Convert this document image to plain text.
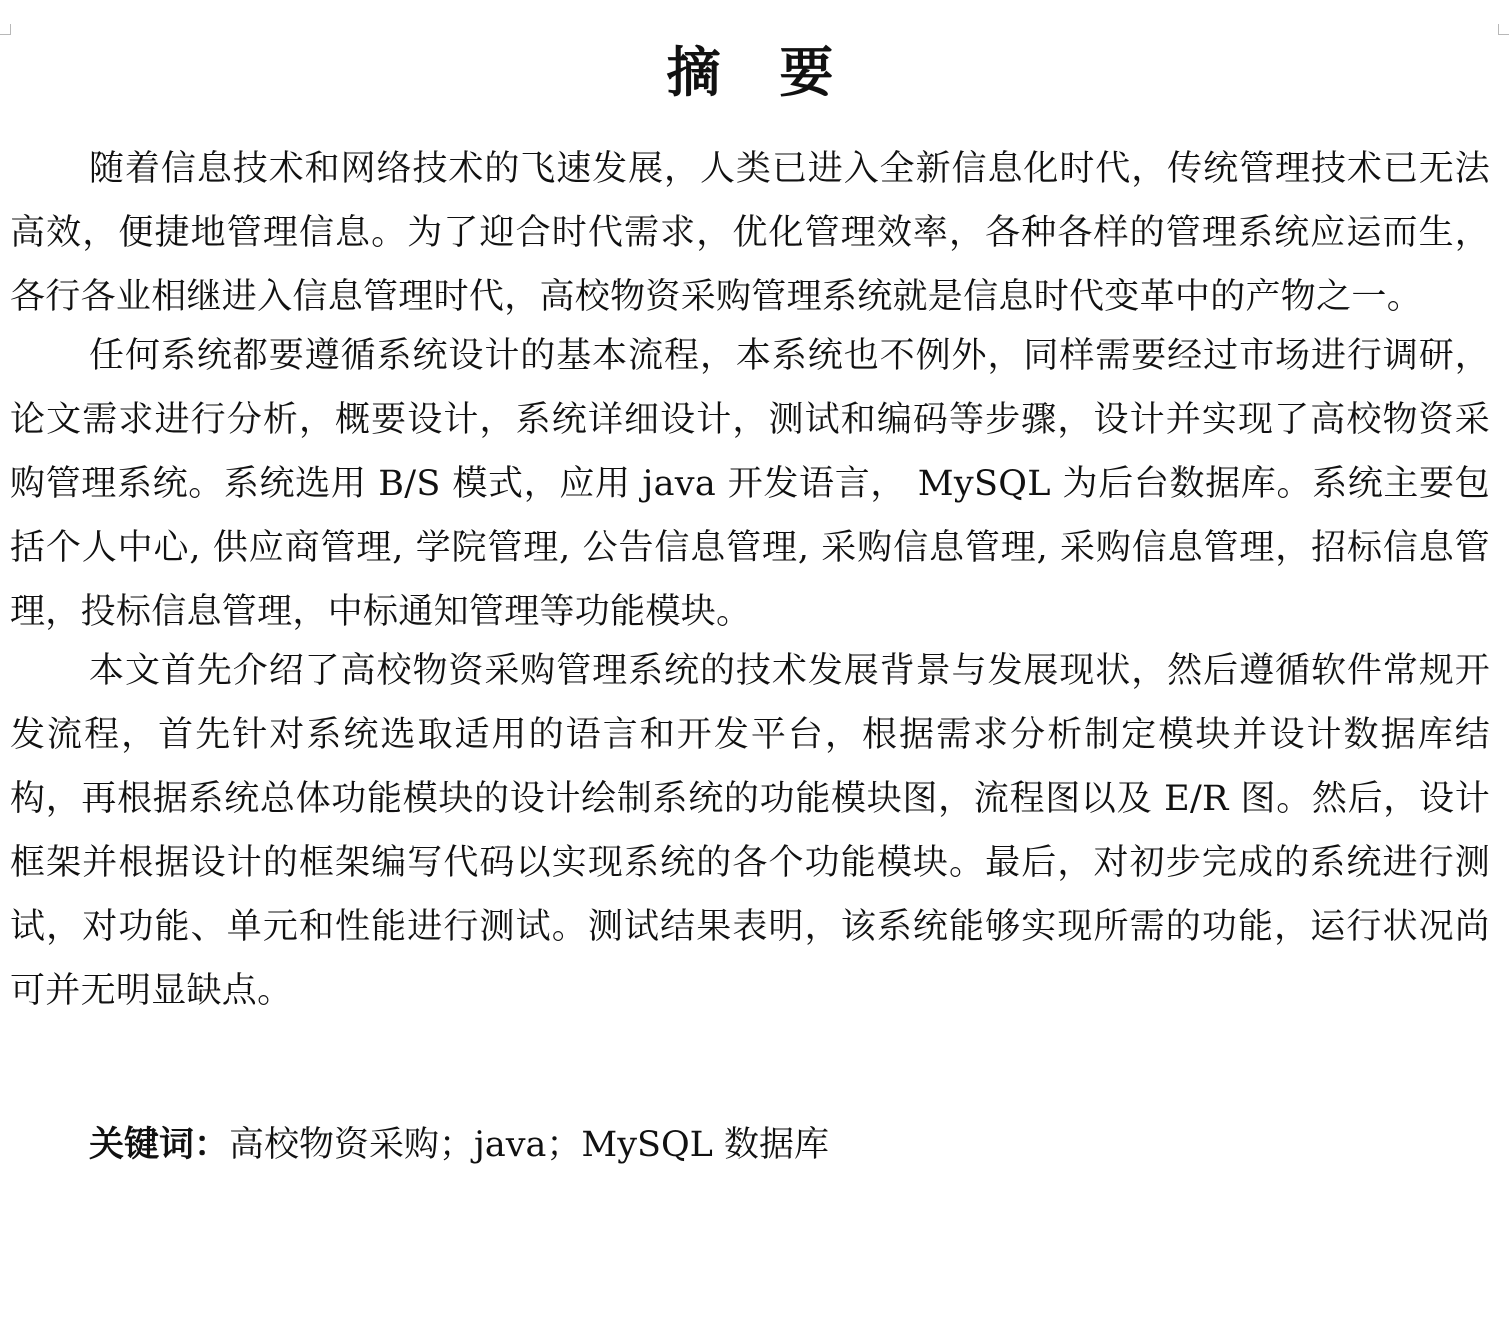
摘 要

随着信息技术和网络技术的飞速发展，人类已进入全新信息化时代，传统管理技术已无法高效，便捷地管理信息。为了迎合时代需求，优化管理效率，各种各样的管理系统应运而生，各行各业相继进入信息管理时代，高校物资采购管理系统就是信息时代变革中的产物之一。

任何系统都要遵循系统设计的基本流程，本系统也不例外，同样需要经过市场进行调研，论文需求进行分析，概要设计，系统详细设计，测试和编码等步骤，设计并实现了高校物资采购管理系统。系统选用 B/S 模式，应用 java 开发语言， MySQL 为后台数据库。系统主要包括个人中心, 供应商管理, 学院管理, 公告信息管理, 采购信息管理, 采购信息管理，招标信息管理，投标信息管理，中标通知管理等功能模块。

本文首先介绍了高校物资采购管理系统的技术发展背景与发展现状，然后遵循软件常规开发流程，首先针对系统选取适用的语言和开发平台，根据需求分析制定模块并设计数据库结构，再根据系统总体功能模块的设计绘制系统的功能模块图，流程图以及 E/R 图。然后，设计框架并根据设计的框架编写代码以实现系统的各个功能模块。最后，对初步完成的系统进行测试，对功能、单元和性能进行测试。测试结果表明，该系统能够实现所需的功能，运行状况尚可并无明显缺点。

关键词：高校物资采购；java；MySQL 数据库
